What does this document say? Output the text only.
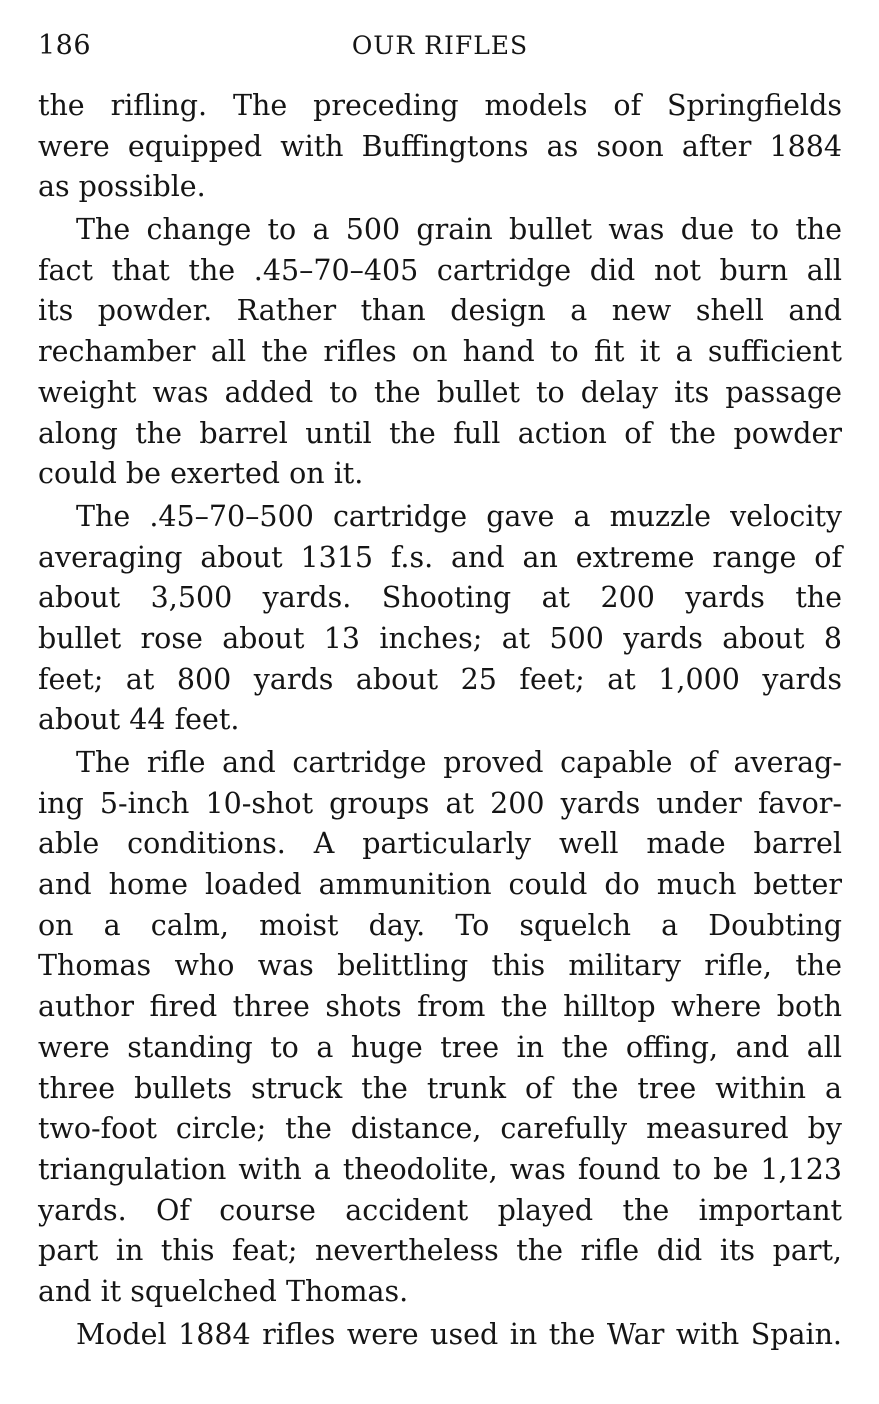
186	OUR RIFLES

the rifling. The preceding models of Springfields
were equipped with Buffingtons as soon after 1884
as possible.

The change to a 500 grain bullet was due to the
fact that the .45–70–405 cartridge did not burn all
its powder. Rather than design a new shell and
rechamber all the rifles on hand to fit it a sufficient
weight was added to the bullet to delay its passage
along the barrel until the full action of the powder
could be exerted on it.

The .45–70–500 cartridge gave a muzzle velocity
averaging about 1315 f.s. and an extreme range of
about 3,500 yards. Shooting at 200 yards the
bullet rose about 13 inches; at 500 yards about 8
feet; at 800 yards about 25 feet; at 1,000 yards
about 44 feet.

The rifle and cartridge proved capable of averag-
ing 5-inch 10-shot groups at 200 yards under favor-
able conditions. A particularly well made barrel
and home loaded ammunition could do much better
on a calm, moist day. To squelch a Doubting
Thomas who was belittling this military rifle, the
author fired three shots from the hilltop where both
were standing to a huge tree in the offing, and all
three bullets struck the trunk of the tree within a
two-foot circle; the distance, carefully measured by
triangulation with a theodolite, was found to be 1,123
yards. Of course accident played the important
part in this feat; nevertheless the rifle did its part,
and it squelched Thomas.

Model 1884 rifles were used in the War with Spain.
